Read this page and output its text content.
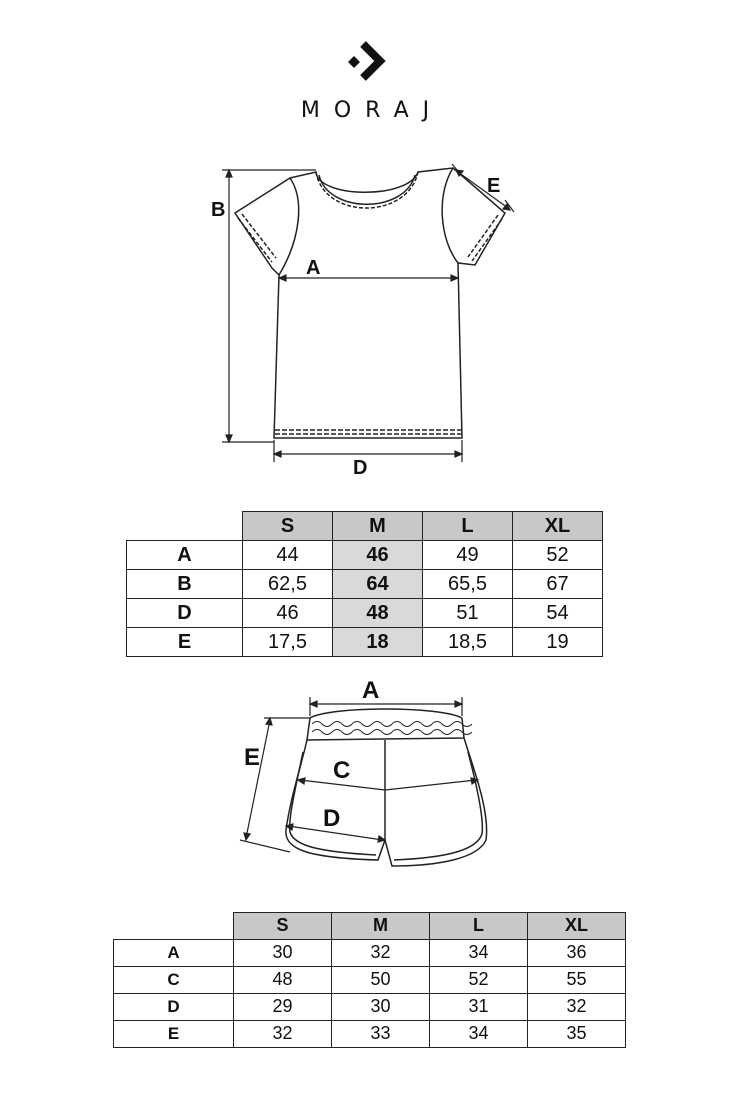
MORAJ
A
B
D
E
	S	M	L	XL
A	44	46	49	52
B	62,5	64	65,5	67
D	46	48	51	54
E	17,5	18	18,5	19
A
C
D
E
	S	M	L	XL
A	30	32	34	36
C	48	50	52	55
D	29	30	31	32
E	32	33	34	35
